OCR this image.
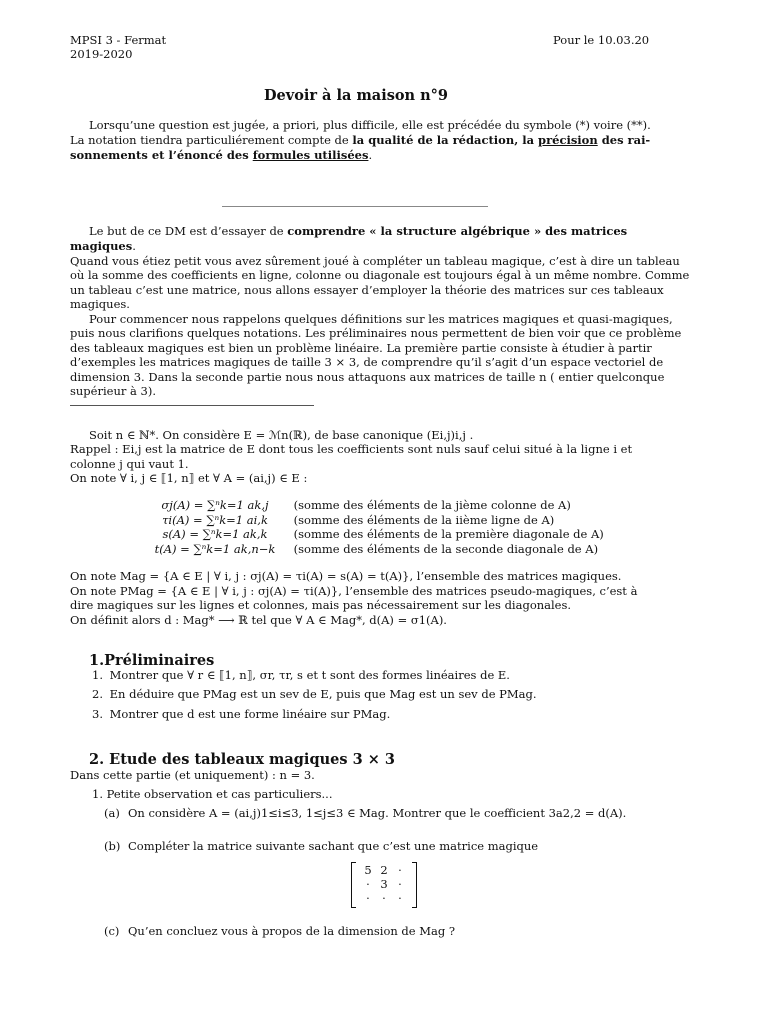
MPSI 3 - Fermat
2019-2020
Pour le 10.03.20
Devoir à la maison n°9
Lorsqu’une question est jugée, a priori, plus difficile, elle est précédée du symbole (*) voire (**).
La notation tiendra particuliérement compte de la qualité de la rédaction, la précision des rai-
sonnements et l’énoncé des formules utilisées.
Le but de ce DM est d’essayer de comprendre « la structure algébrique » des matrices
magiques.
Quand vous étiez petit vous avez sûrement joué à compléter un tableau magique, c’est à dire un tableau
où la somme des coefficients en ligne, colonne ou diagonale est toujours égal à un même nombre. Comme
un tableau c’est une matrice, nous allons essayer d’employer la théorie des matrices sur ces tableaux
magiques.
Pour commencer nous rappelons quelques définitions sur les matrices magiques et quasi-magiques,
puis nous clarifions quelques notations. Les préliminaires nous permettent de bien voir que ce problème
des tableaux magiques est bien un problème linéaire. La première partie consiste à étudier à partir
d’exemples les matrices magiques de taille 3 × 3, de comprendre qu’il s’agit d’un espace vectoriel de
dimension 3. Dans la seconde partie nous nous attaquons aux matrices de taille n ( entier quelconque
supérieur à 3).
Soit n ∈ ℕ*. On considère E = ℳn(ℝ), de base canonique (Ei,j)i,j .
Rappel : Ei,j est la matrice de E dont tous les coefficients sont nuls sauf celui situé à la ligne i et
colonne j qui vaut 1.
On note ∀ i, j ∈ ⟦1, n⟧ et ∀ A = (ai,j) ∈ E :
σj(A) = ∑ⁿk=1 ak,j (somme des éléments de la jième colonne de A)
τi(A) = ∑ⁿk=1 ai,k (somme des éléments de la iième ligne de A)
s(A) = ∑ⁿk=1 ak,k (somme des éléments de la première diagonale de A)
t(A) = ∑ⁿk=1 ak,n−k (somme des éléments de la seconde diagonale de A)
On note Mag = {A ∈ E | ∀ i, j : σj(A) = τi(A) = s(A) = t(A)}, l’ensemble des matrices magiques.
On note PMag = {A ∈ E | ∀ i, j : σj(A) = τi(A)}, l’ensemble des matrices pseudo-magiques, c’est à
dire magiques sur les lignes et colonnes, mais pas nécessairement sur les diagonales.
On définit alors d : Mag* ⟶ ℝ tel que ∀ A ∈ Mag*, d(A) = σ1(A).
1.Préliminaires
1. Montrer que ∀ r ∈ ⟦1, n⟧, σr, τr, s et t sont des formes linéaires de E.
2. En déduire que PMag est un sev de E, puis que Mag est un sev de PMag.
3. Montrer que d est une forme linéaire sur PMag.
2. Etude des tableaux magiques 3 × 3
Dans cette partie (et uniquement) : n = 3.
1. Petite observation et cas particuliers...
(a) On considère A = (ai,j)1≤i≤3, 1≤j≤3 ∈ Mag. Montrer que le coefficient 3a2,2 = d(A).
(b) Compléter la matrice suivante sachant que c’est une matrice magique
5	2	·
·	3	·
·	·	·
(c) Qu’en concluez vous à propos de la dimension de Mag ?
